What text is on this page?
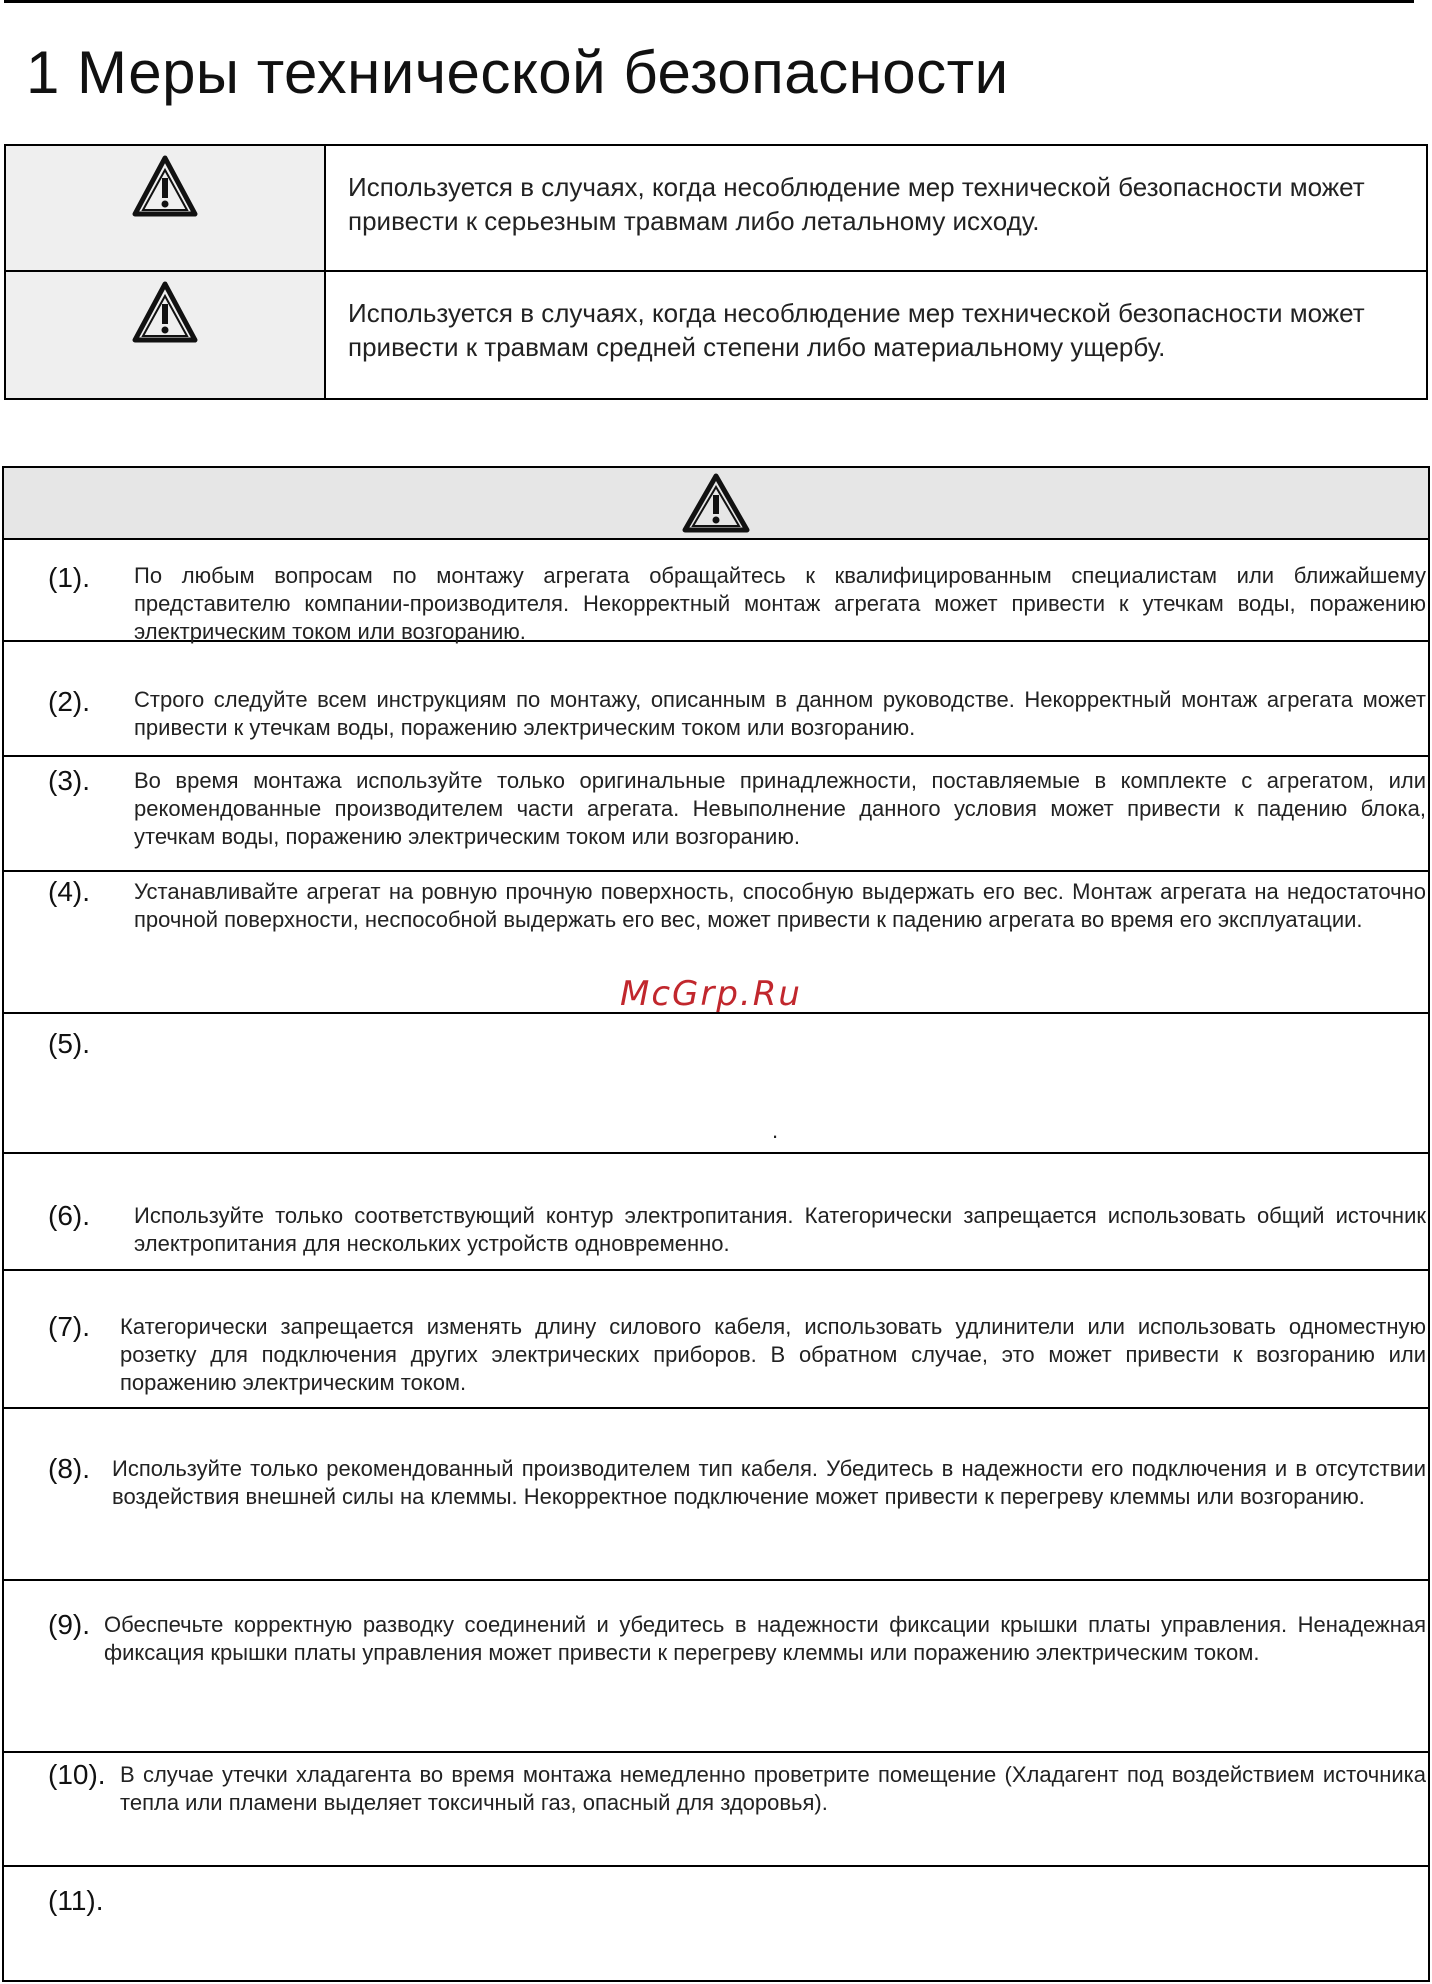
1 Меры технической безопасности
Используется в случаях, когда несоблюдение мер технической безопасности может привести к серьезным травмам либо летальному исходу.
Используется в случаях, когда несоблюдение мер технической безопасности может привести к травмам средней степени либо материальному ущербу.
(1). По любым вопросам по монтажу агрегата обращайтесь к квалифицированным специалистам или ближайшему представителю компании-производителя. Некорректный монтаж агрегата может привести к утечкам воды, поражению электрическим током или возгоранию.
(2). Строго следуйте всем инструкциям по монтажу, описанным в данном руководстве. Некорректный монтаж агрегата может привести к утечкам воды, поражению электрическим током или возгоранию.
(3). Во время монтажа используйте только оригинальные принадлежности, поставляемые в комплекте с агрегатом, или рекомендованные производителем части агрегата. Невыполнение данного условия может привести к падению блока, утечкам воды, поражению электрическим током или возгоранию.
(4). Устанавливайте агрегат на ровную прочную поверхность, способную выдержать его вес. Монтаж агрегата на недостаточно прочной поверхности, неспособной выдержать его вес, может привести к падению агрегата во время его эксплуатации.
(5).
(6). Используйте только соответствующий контур электропитания. Категорически запрещается использовать общий источник электропитания для нескольких устройств одновременно.
(7). Категорически запрещается изменять длину силового кабеля, использовать удлинители или использовать одноместную розетку для подключения других электрических приборов. В обратном случае, это может привести к возгоранию или поражению электрическим током.
(8). Используйте только рекомендованный производителем тип кабеля. Убедитесь в надежности его подключения и в отсутствии воздействия внешней силы на клеммы. Некорректное подключение может привести к перегреву клеммы или возгоранию.
(9). Обеспечьте корректную разводку соединений и убедитесь в надежности фиксации крышки платы управления. Ненадежная фиксация крышки платы управления может привести к перегреву клеммы или поражению электрическим током.
(10). В случае утечки хладагента во время монтажа немедленно проветрите помещение (Хладагент под воздействием источника тепла или пламени выделяет токсичный газ, опасный для здоровья).
(11).
McGrp.Ru
.
